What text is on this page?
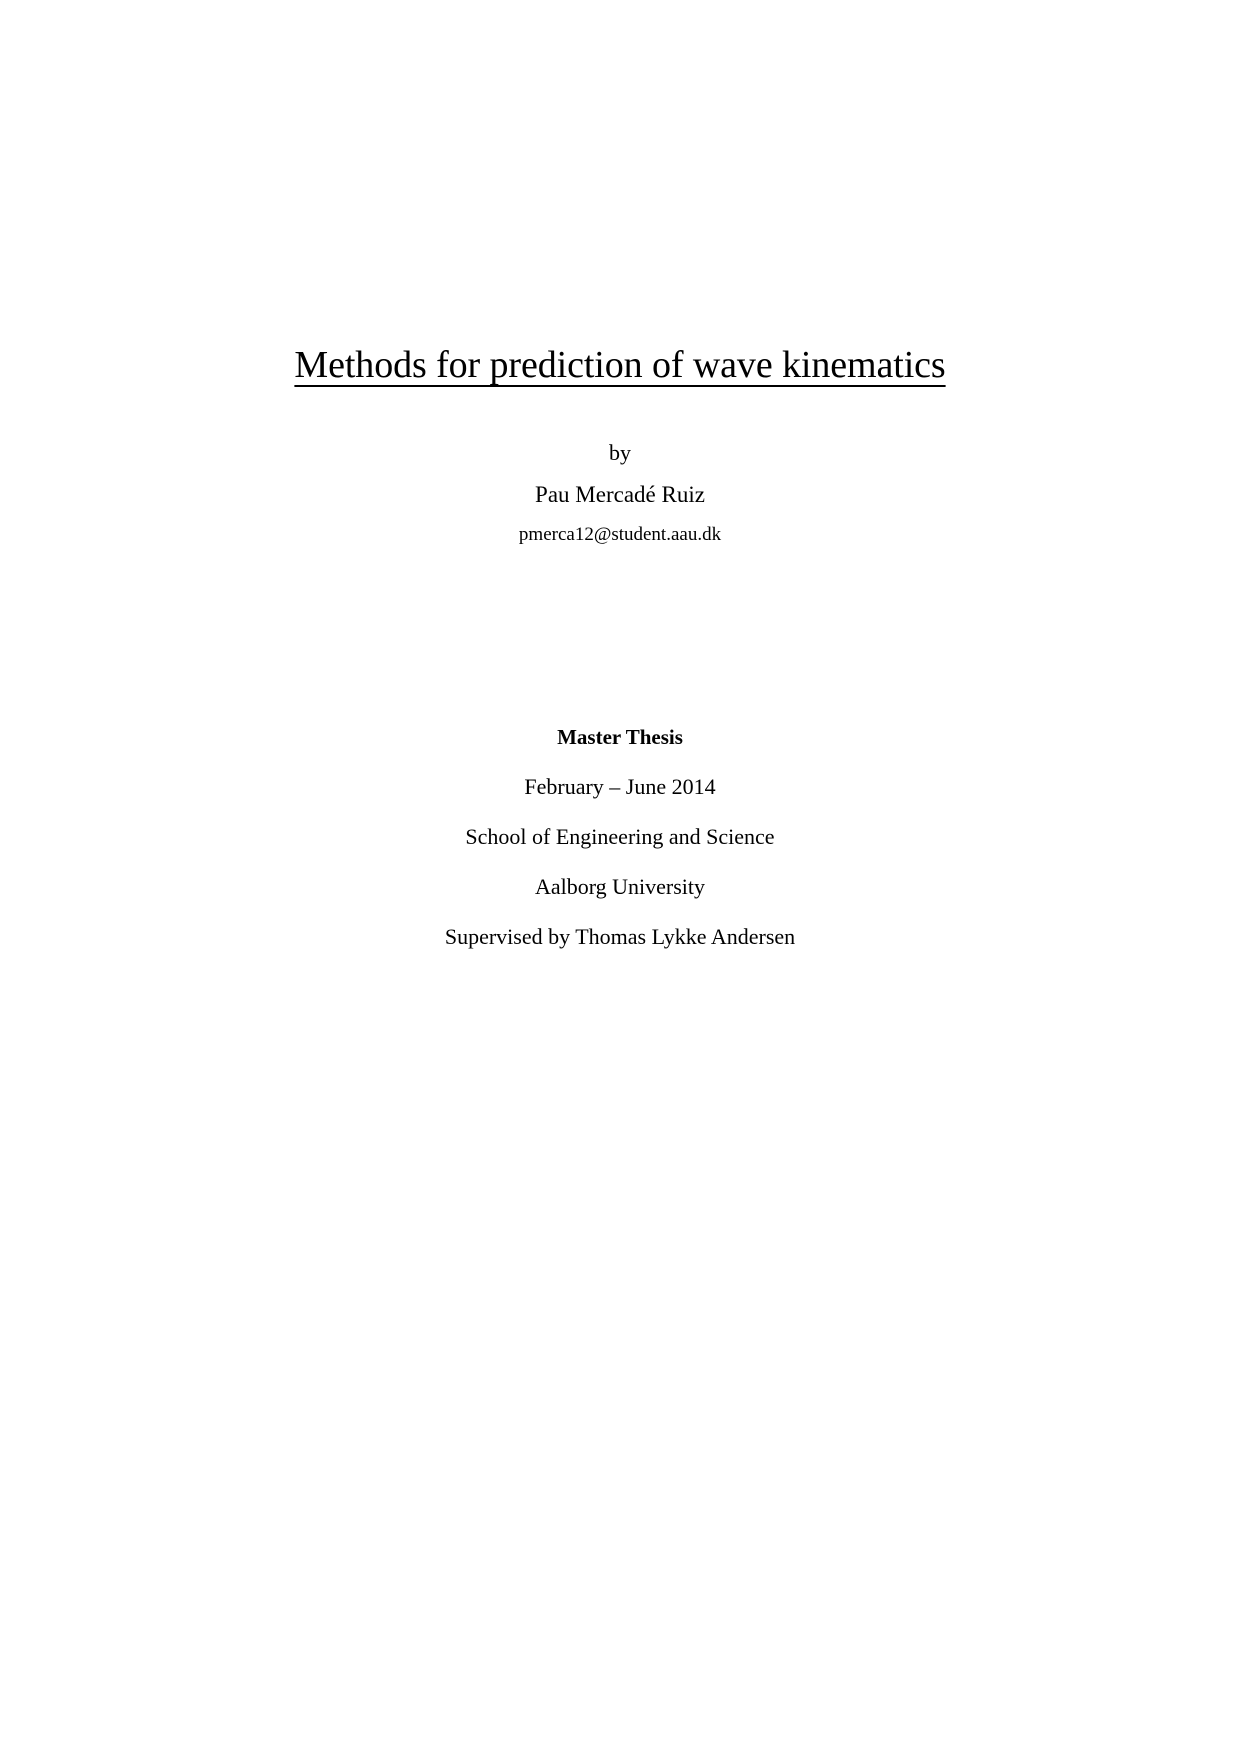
Methods for prediction of wave kinematics
by
Pau Mercadé Ruiz
pmerca12@student.aau.dk
Master Thesis
February – June 2014
School of Engineering and Science
Aalborg University
Supervised by Thomas Lykke Andersen
